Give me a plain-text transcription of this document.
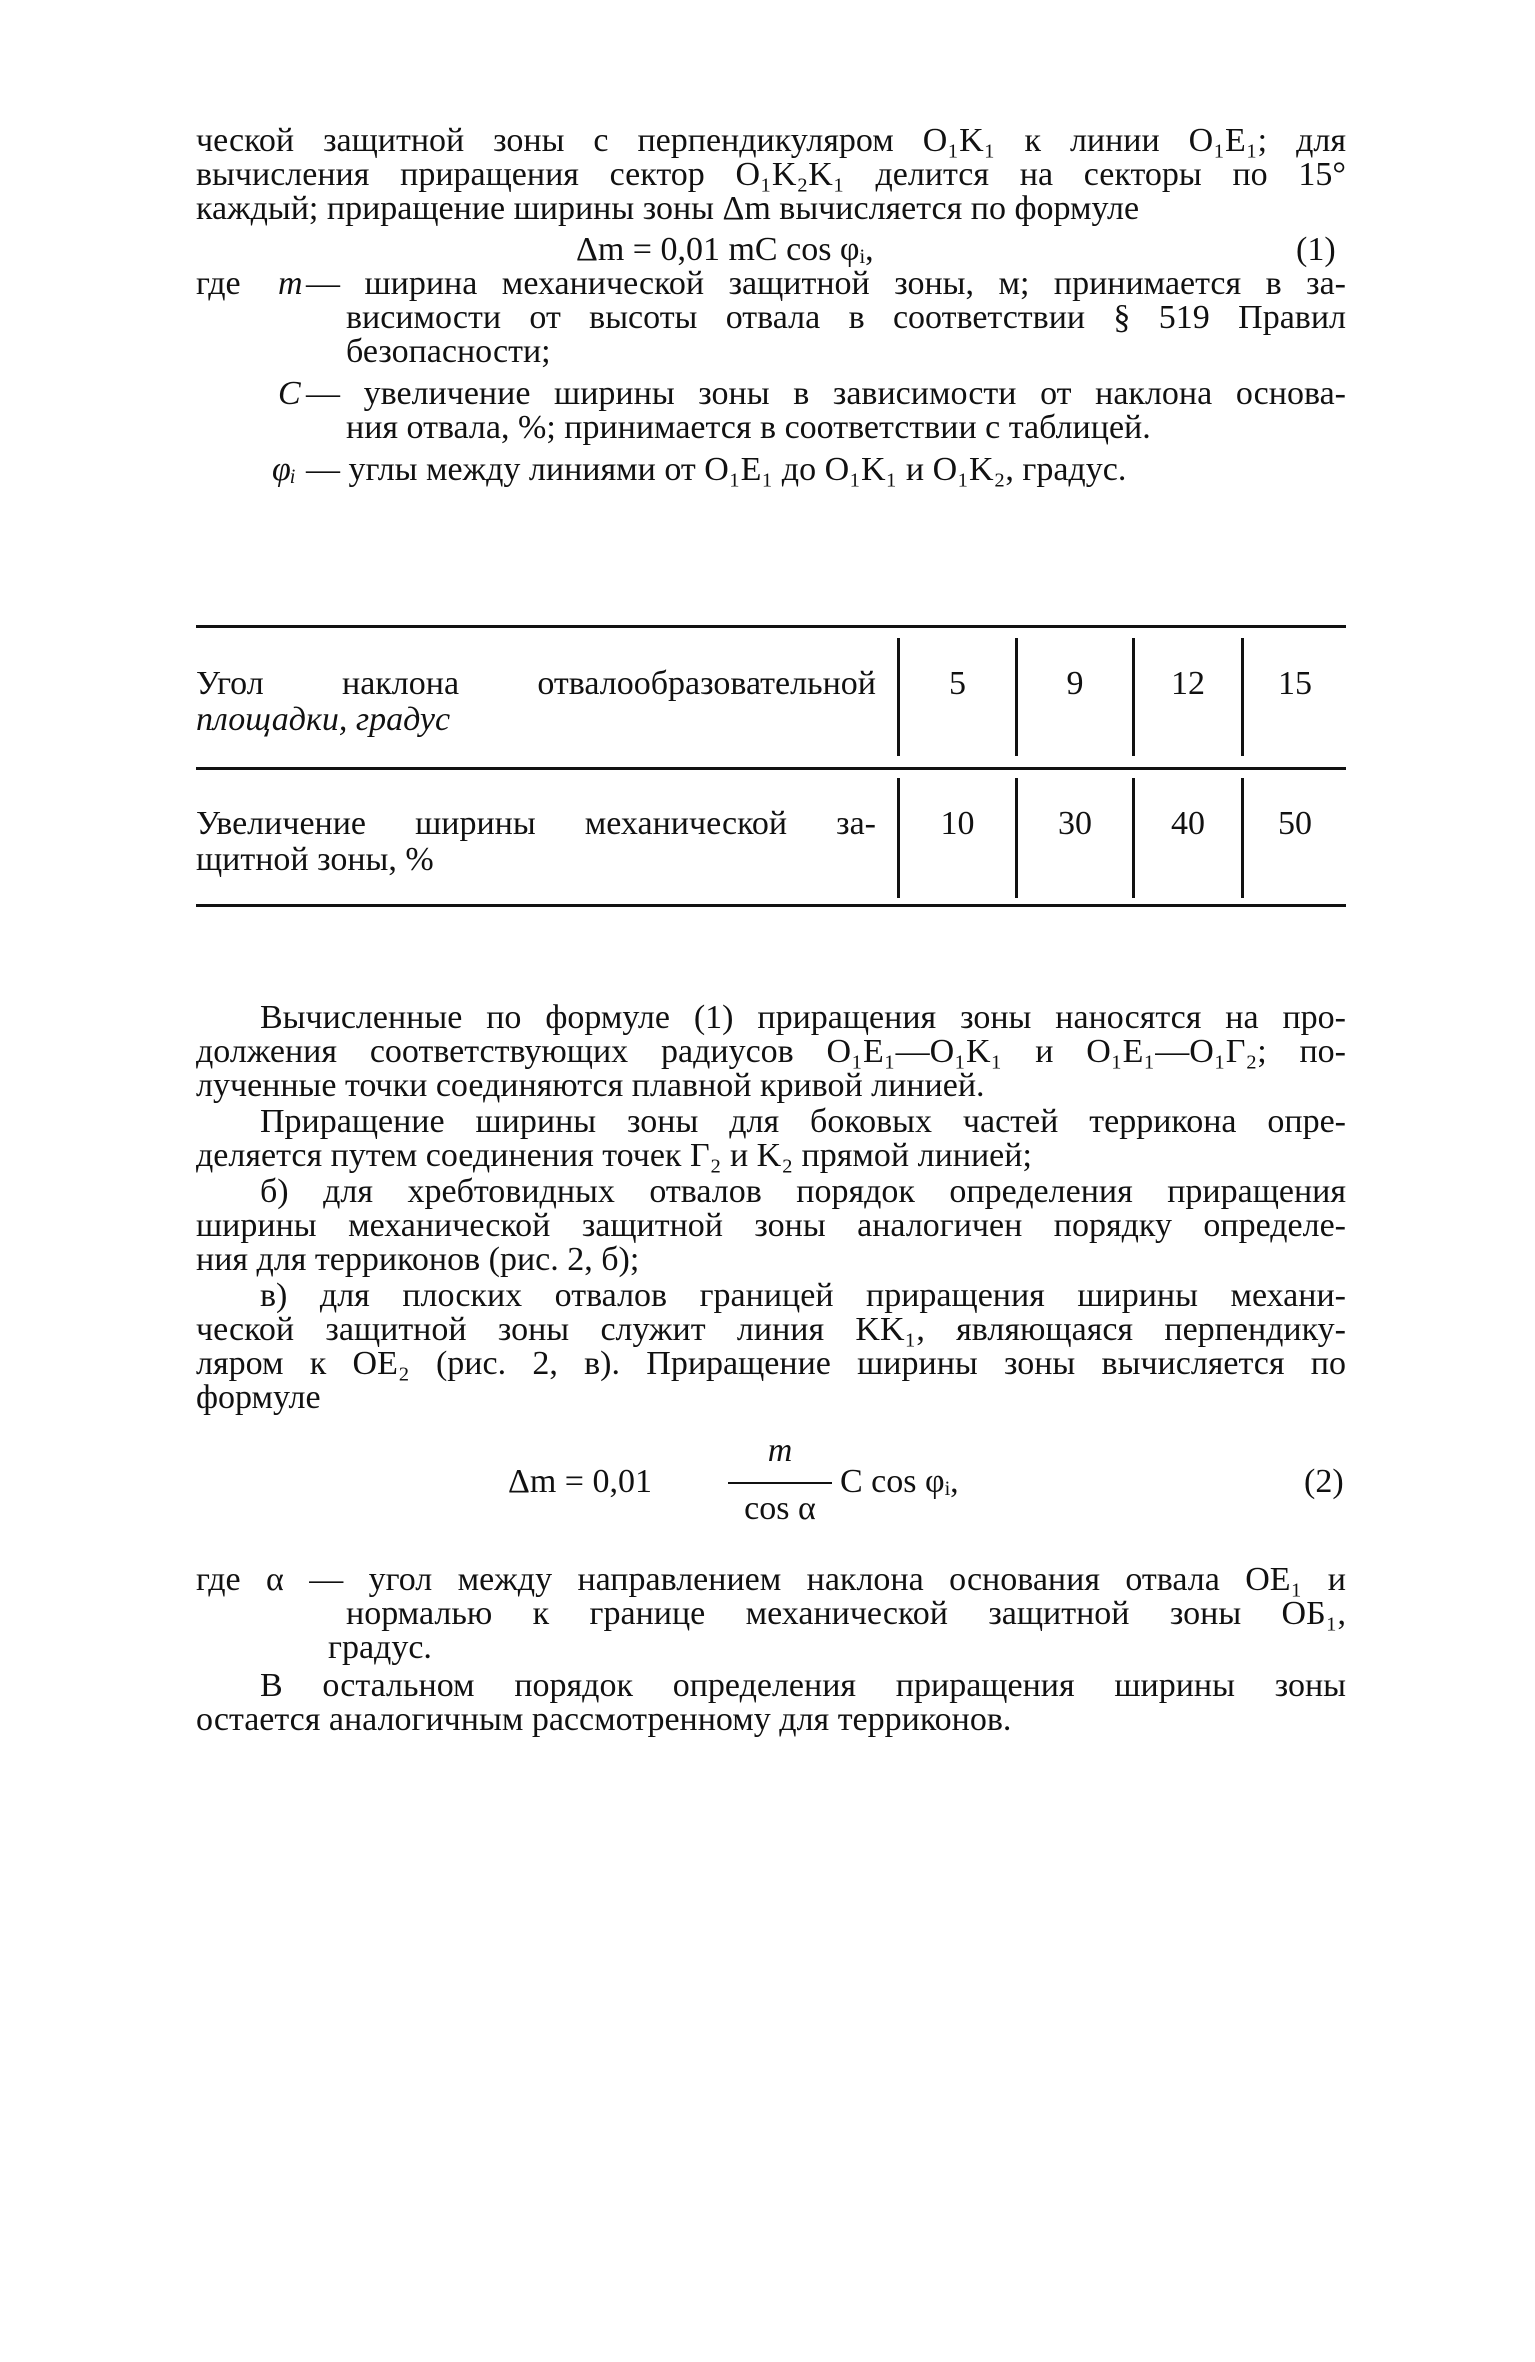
ческой защитной зоны с перпендикуляром O₁K₁ к линии O₁E₁; для
вычисления приращения сектор O₁K₂K₁ делится на секторы по 15°
каждый; приращение ширины зоны Δm вычисляется по формуле
Δm = 0,01 mC cos φᵢ,	(1)
где m — ширина механической защитной зоны, м; принимается в за-
висимости от высоты отвала в соответствии § 519 Правил
безопасности;
C — увеличение ширины зоны в зависимости от наклона основа-
ния отвала, %; принимается в соответствии с таблицей.
φᵢ — углы между линиями от O₁E₁ до O₁K₁ и O₁K₂, градус.
Угол наклона отвалообразовательной
площадки, градус
5	9	12	15
Увеличение ширины механической за-
щитной зоны, %
10	30	40	50
Вычисленные по формуле (1) приращения зоны наносятся на про-
должения соответствующих радиусов O₁E₁—O₁K₁ и O₁E₁—O₁Г₂; по-
лученные точки соединяются плавной кривой линией.
Приращение ширины зоны для боковых частей террикона опре-
деляется путем соединения точек Г₂ и K₂ прямой линией;
б) для хребтовидных отвалов порядок определения приращения
ширины механической защитной зоны аналогичен порядку определе-
ния для терриконов (рис. 2, б);
в) для плоских отвалов границей приращения ширины механи-
ческой защитной зоны служит линия KK₁, являющаяся перпендику-
ляром к OE₂ (рис. 2, в). Приращение ширины зоны вычисляется по
формуле
Δm = 0,01
m
cos α
C cos φᵢ,	(2)
где α — угол между направлением наклона основания отвала OE₁ и
нормалью к границе механической защитной зоны OБ₁,
градус.
В остальном порядок определения приращения ширины зоны
остается аналогичным рассмотренному для терриконов.
